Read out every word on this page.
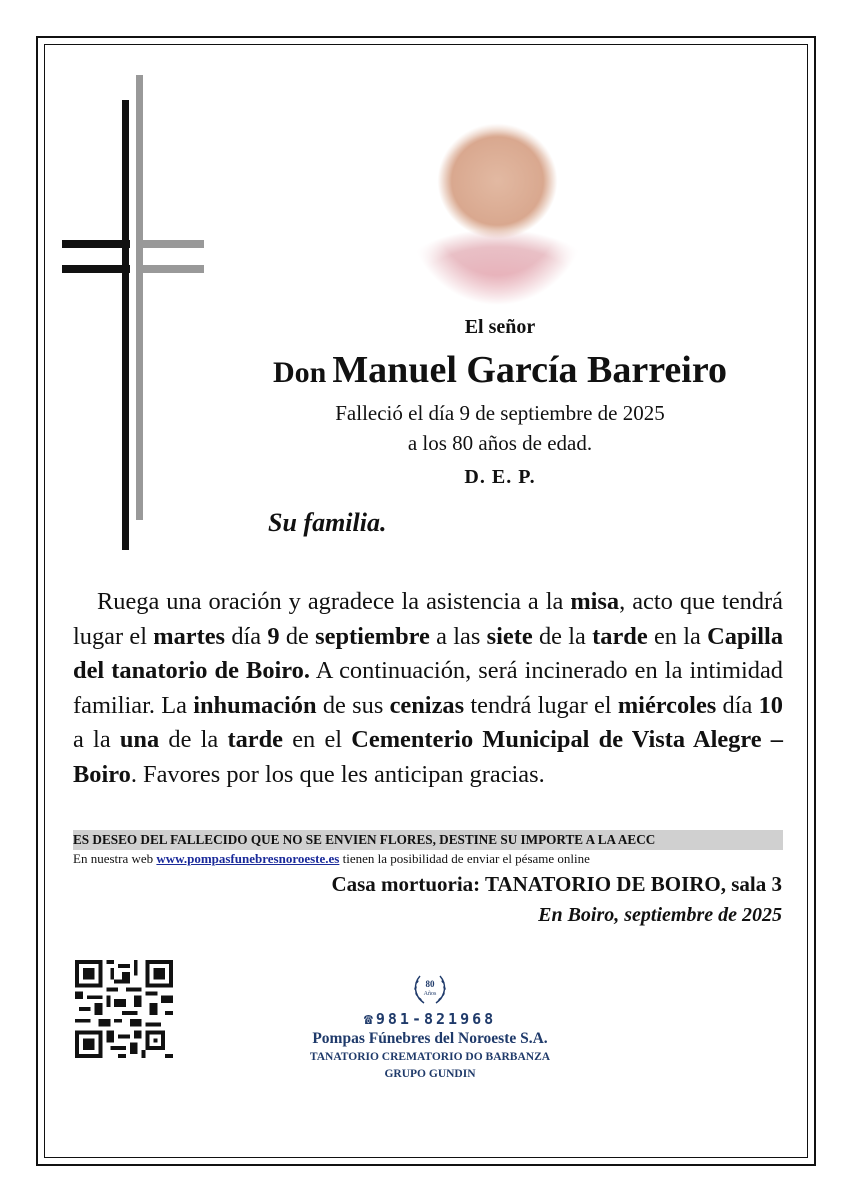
El señor
Don Manuel García Barreiro
Falleció el día 9 de septiembre de 2025
a los 80 años de edad.
D. E. P.
Su familia.
Ruega una oración y agradece la asistencia a la misa, acto que tendrá lugar el martes día 9 de septiembre a las siete de la tarde en la Capilla del tanatorio de Boiro. A continuación, será incinerado en la intimidad familiar. La inhumación de sus cenizas tendrá lugar el miércoles día 10 a la una de la tarde en el Cementerio Municipal de Vista Alegre – Boiro. Favores por los que les anticipan gracias.
ES DESEO DEL FALLECIDO QUE NO SE ENVIEN FLORES, DESTINE SU IMPORTE A LA AECC
En nuestra web www.pompasfunebresnoroeste.es tienen la posibilidad de enviar el pésame online
Casa mortuoria: TANATORIO DE BOIRO, sala 3
En Boiro, septiembre de 2025
80
Años
☎981-821968
Pompas Fúnebres del Noroeste S.A.
TANATORIO CREMATORIO DO BARBANZA
GRUPO GUNDIN
